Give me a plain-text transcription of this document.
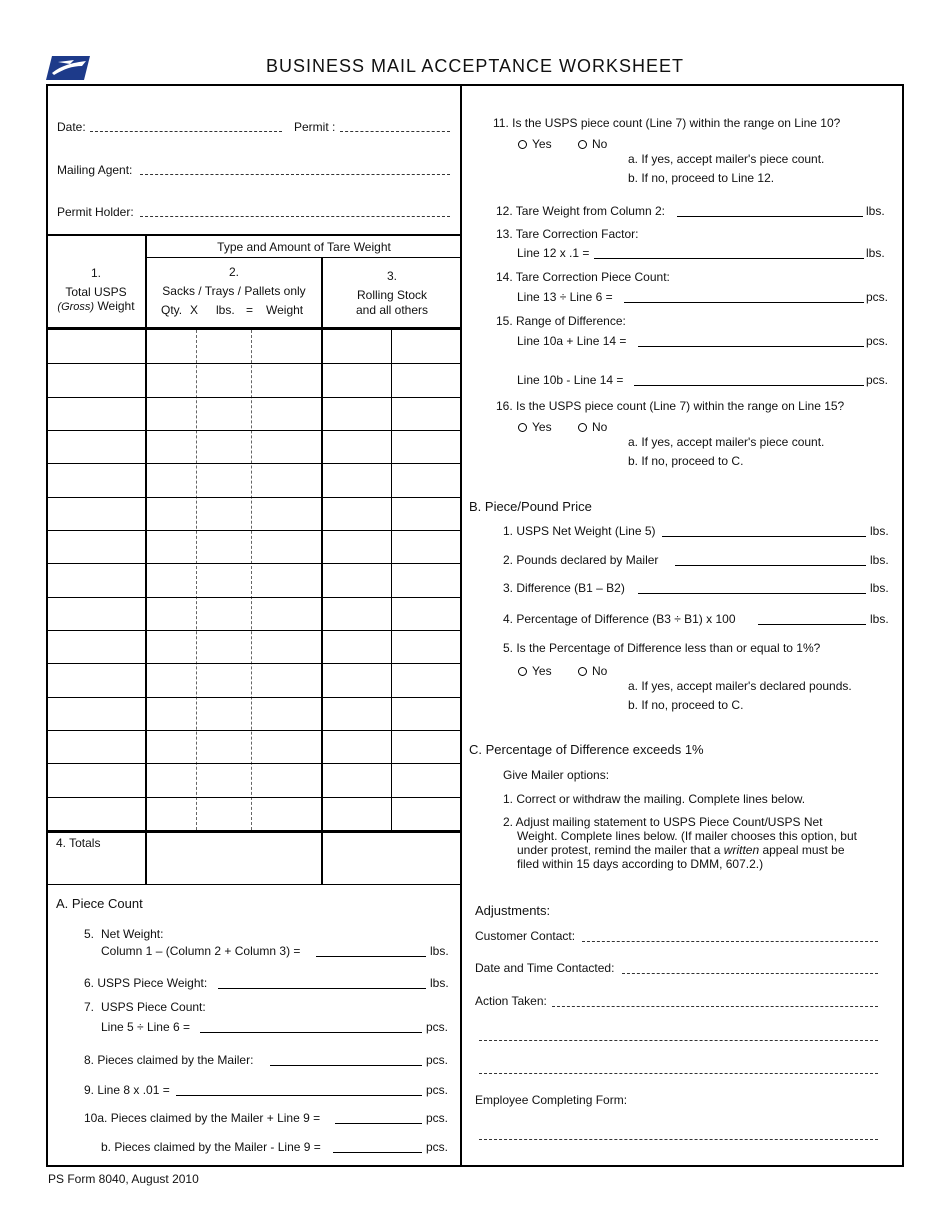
BUSINESS MAIL ACCEPTANCE WORKSHEET
Date:	Permit :
Mailing Agent:
Permit Holder:
Type and Amount of Tare Weight
1.
Total USPS
(Gross) Weight
2.
Sacks / Trays / Pallets only
Qty. X lbs. = Weight
3.
Rolling Stock
and all others
4. Totals
A. Piece Count
5. Net Weight:
Column 1 – (Column 2 + Column 3) =	lbs.
6. USPS Piece Weight:	lbs.
7. USPS Piece Count:
Line 5 ÷ Line 6 =	pcs.
8. Pieces claimed by the Mailer:	pcs.
9. Line 8 x .01 =	pcs.
10a. Pieces claimed by the Mailer + Line 9 =	pcs.
b. Pieces claimed by the Mailer - Line 9 =	pcs.
11. Is the USPS piece count (Line 7) within the range on Line 10?
Yes	No
a. If yes, accept mailer's piece count.
b. If no, proceed to Line 12.
12. Tare Weight from Column 2:	lbs.
13. Tare Correction Factor:
Line 12 x .1 =	lbs.
14. Tare Correction Piece Count:
Line 13 ÷ Line 6 =	pcs.
15. Range of Difference:
Line 10a + Line 14 =	pcs.
Line 10b - Line 14 =	pcs.
16. Is the USPS piece count (Line 7) within the range on Line 15?
Yes	No
a. If yes, accept mailer's piece count.
b. If no, proceed to C.
B. Piece/Pound Price
1. USPS Net Weight (Line 5)	lbs.
2. Pounds declared by Mailer	lbs.
3. Difference (B1 – B2)	lbs.
4. Percentage of Difference (B3 ÷ B1) x 100	lbs.
5. Is the Percentage of Difference less than or equal to 1%?
Yes	No
a. If yes, accept mailer's declared pounds.
b. If no, proceed to C.
C. Percentage of Difference exceeds 1%
Give Mailer options:
1. Correct or withdraw the mailing. Complete lines below.
2. Adjust mailing statement to USPS Piece Count/USPS Net
Weight. Complete lines below. (If mailer chooses this option, but
under protest, remind the mailer that a written appeal must be
filed within 15 days according to DMM, 607.2.)
Adjustments:
Customer Contact:
Date and Time Contacted:
Action Taken:
Employee Completing Form:
PS Form 8040, August 2010
